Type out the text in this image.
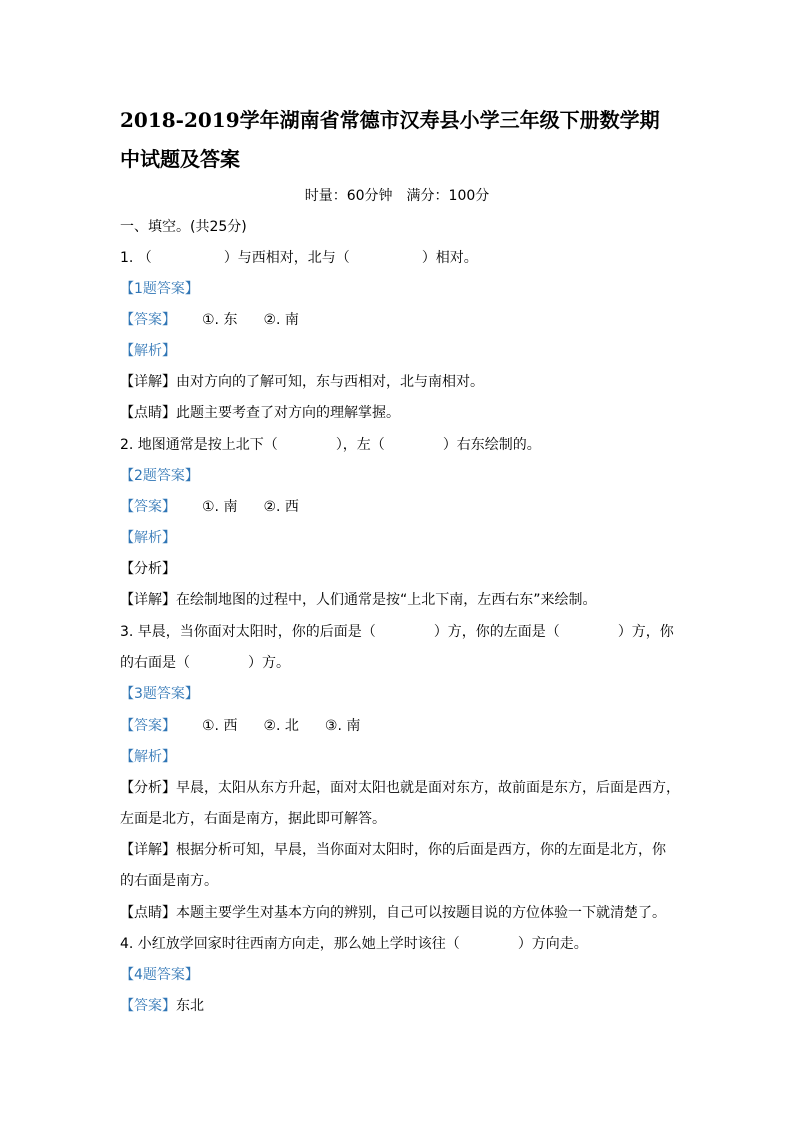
2018-2019学年湖南省常德市汉寿县小学三年级下册数学期
中试题及答案
时量：60分钟　满分：100分
一、填空。(共25分)
1. （	）与西相对，北与（	）相对。
【1题答案】
【答案】 ①. 东 ②. 南
【解析】
【详解】由对方向的了解可知，东与西相对，北与南相对。
【点睛】此题主要考查了对方向的理解掌握。
2. 地图通常是按上北下（	），左（	）右东绘制的。
【2题答案】
【答案】 ①. 南 ②. 西
【解析】
【分析】
【详解】在绘制地图的过程中，人们通常是按“上北下南，左西右东”来绘制。
3. 早晨，当你面对太阳时，你的后面是（	）方，你的左面是（	）方，你
的右面是（	）方。
【3题答案】
【答案】 ①. 西 ②. 北 ③. 南
【解析】
【分析】早晨，太阳从东方升起，面对太阳也就是面对东方，故前面是东方，后面是西方，
左面是北方，右面是南方，据此即可解答。
【详解】根据分析可知，早晨，当你面对太阳时，你的后面是西方，你的左面是北方，你
的右面是南方。
【点睛】本题主要学生对基本方向的辨别，自己可以按题目说的方位体验一下就清楚了。
4. 小红放学回家时往西南方向走，那么她上学时该往（	）方向走。
【4题答案】
【答案】东北
